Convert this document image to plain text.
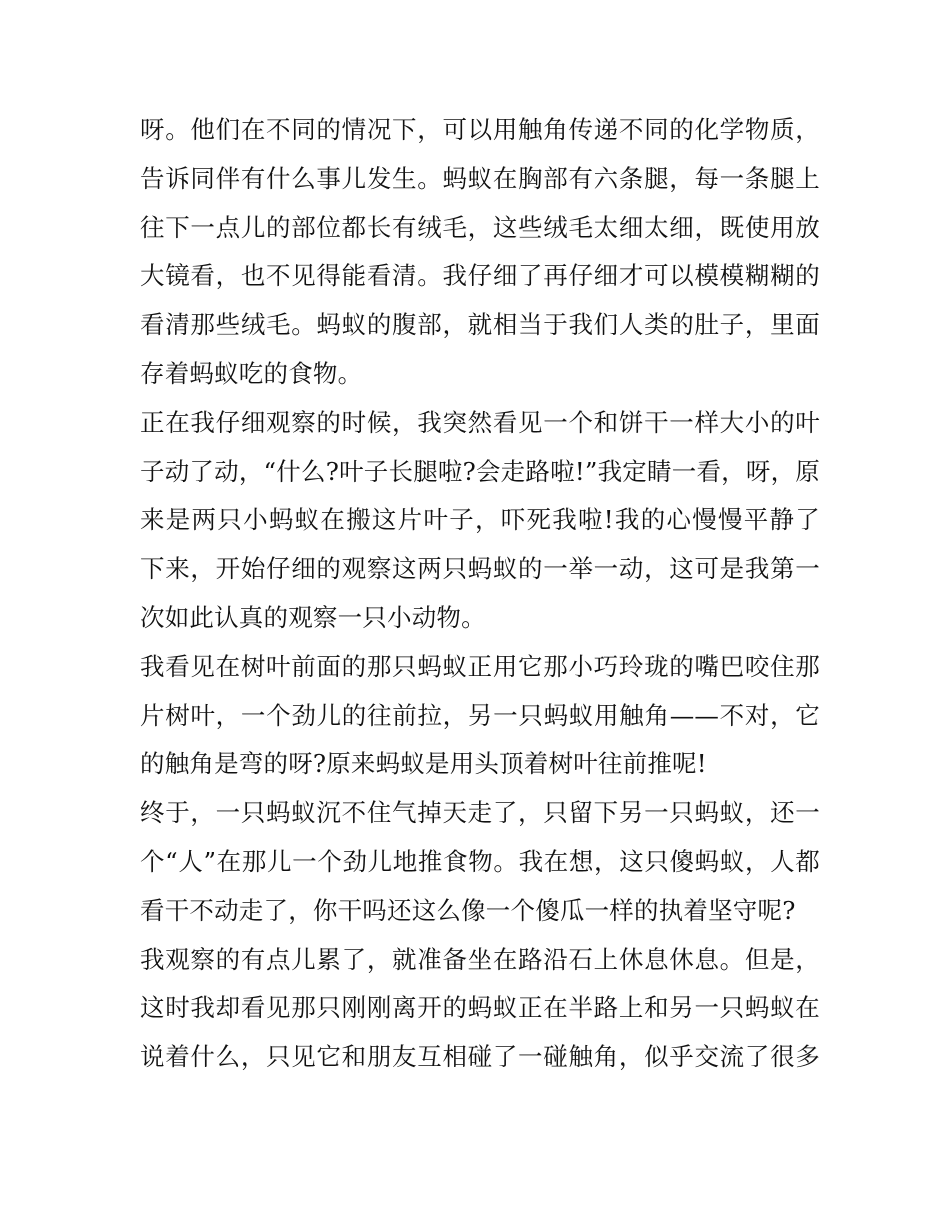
呀。他们在不同的情况下，可以用触角传递不同的化学物质，
告诉同伴有什么事儿发生。蚂蚁在胸部有六条腿，每一条腿上
往下一点儿的部位都长有绒毛，这些绒毛太细太细，既使用放
大镜看，也不见得能看清。我仔细了再仔细才可以模模糊糊的
看清那些绒毛。蚂蚁的腹部，就相当于我们人类的肚子，里面
存着蚂蚁吃的食物。
正在我仔细观察的时候，我突然看见一个和饼干一样大小的叶
子动了动，“什么?叶子长腿啦?会走路啦!”我定睛一看，呀，原
来是两只小蚂蚁在搬这片叶子，吓死我啦!我的心慢慢平静了
下来，开始仔细的观察这两只蚂蚁的一举一动，这可是我第一
次如此认真的观察一只小动物。
我看见在树叶前面的那只蚂蚁正用它那小巧玲珑的嘴巴咬住那
片树叶，一个劲儿的往前拉，另一只蚂蚁用触角——不对，它
的触角是弯的呀?原来蚂蚁是用头顶着树叶往前推呢!
终于，一只蚂蚁沉不住气掉天走了，只留下另一只蚂蚁，还一
个“人”在那儿一个劲儿地推食物。我在想，这只傻蚂蚁，人都
看干不动走了，你干吗还这么像一个傻瓜一样的执着坚守呢?
我观察的有点儿累了，就准备坐在路沿石上休息休息。但是，
这时我却看见那只刚刚离开的蚂蚁正在半路上和另一只蚂蚁在
说着什么，只见它和朋友互相碰了一碰触角，似乎交流了很多
